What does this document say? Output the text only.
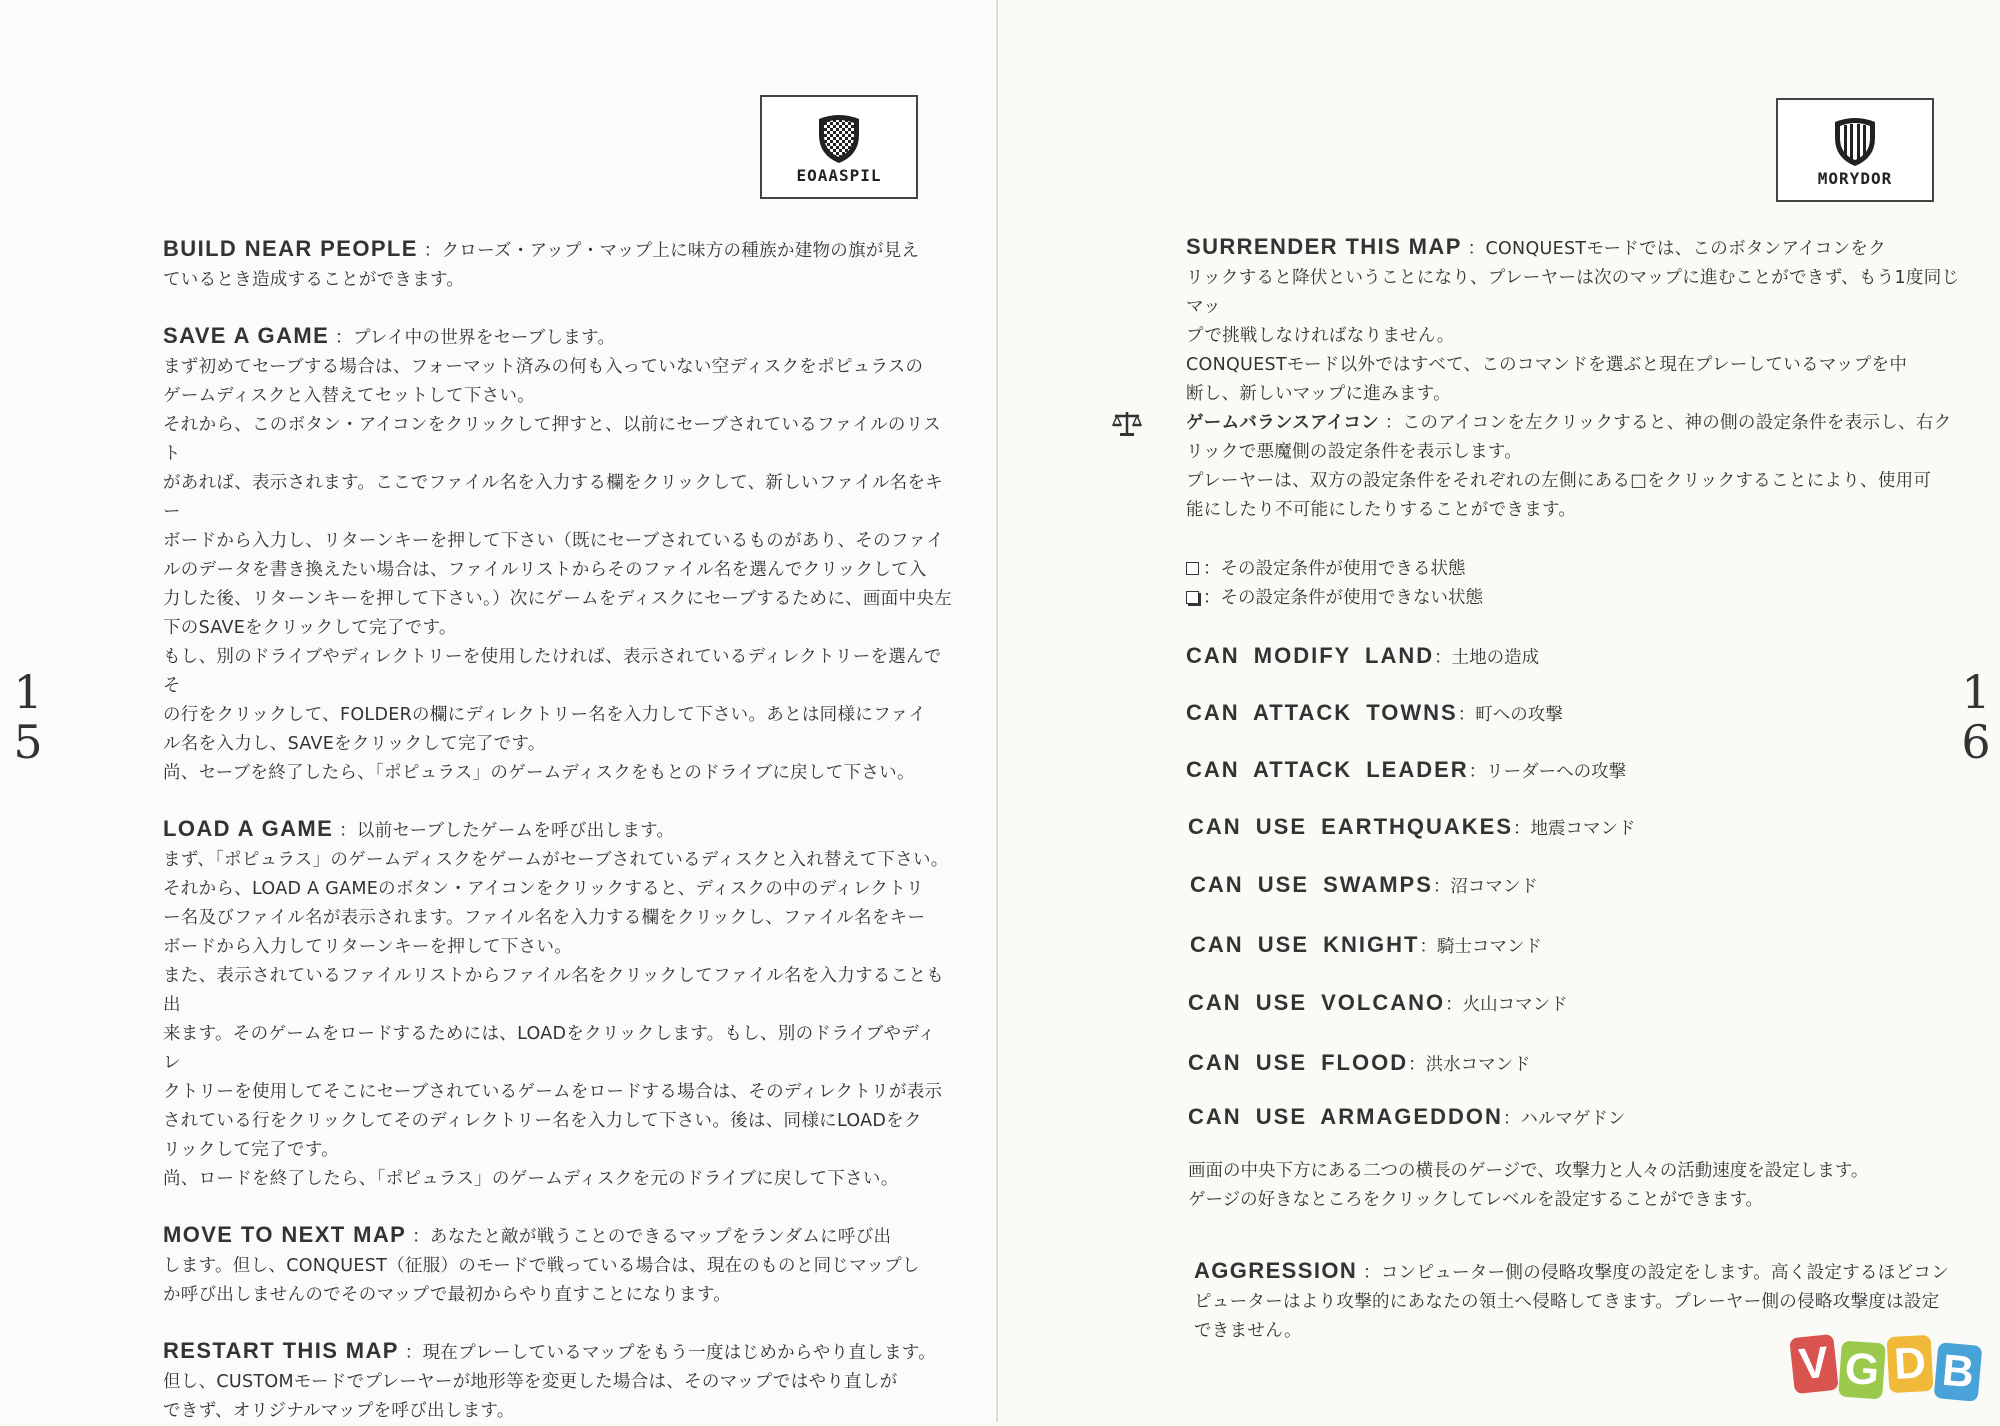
1
5
EOAASPIL

BUILD NEAR PEOPLE ：クローズ・アップ・マップ上に味方の種族か建物の旗が見え

ているとき造成することができます。

SAVE A GAME ：プレイ中の世界をセーブします。

まず初めてセーブする場合は、フォーマット済みの何も入っていない空ディスクをポピュラスの

ゲームディスクと入替えてセットして下さい。

それから、このボタン・アイコンをクリックして押すと、以前にセーブされているファイルのリスト

があれば、表示されます。ここでファイル名を入力する欄をクリックして、新しいファイル名をキー

ボードから入力し、リターンキーを押して下さい（既にセーブされているものがあり、そのファイ

ルのデータを書き換えたい場合は、ファイルリストからそのファイル名を選んでクリックして入

力した後、リターンキーを押して下さい。）次にゲームをディスクにセーブするために、画面中央左

下のSAVEをクリックして完了です。

もし、別のドライブやディレクトリーを使用したければ、表示されているディレクトリーを選んでそ

の行をクリックして、FOLDERの欄にディレクトリー名を入力して下さい。あとは同様にファイ

ル名を入力し、SAVEをクリックして完了です。

尚、セーブを終了したら、「ポピュラス」のゲームディスクをもとのドライブに戻して下さい。

LOAD A GAME ：以前セーブしたゲームを呼び出します。

まず、「ポピュラス」のゲームディスクをゲームがセーブされているディスクと入れ替えて下さい。

それから、LOAD A GAMEのボタン・アイコンをクリックすると、ディスクの中のディレクトリ

ー名及びファイル名が表示されます。ファイル名を入力する欄をクリックし、ファイル名をキー

ボードから入力してリターンキーを押して下さい。

また、表示されているファイルリストからファイル名をクリックしてファイル名を入力することも出

来ます。そのゲームをロードするためには、LOADをクリックします。もし、別のドライブやディレ

クトリーを使用してそこにセーブされているゲームをロードする場合は、そのディレクトリが表示

されている行をクリックしてそのディレクトリー名を入力して下さい。後は、同様にLOADをク

リックして完了です。

尚、ロードを終了したら、「ポピュラス」のゲームディスクを元のドライブに戻して下さい。

MOVE TO NEXT MAP ：あなたと敵が戦うことのできるマップをランダムに呼び出

します。但し、CONQUEST（征服）のモードで戦っている場合は、現在のものと同じマップし

か呼び出しませんのでそのマップで最初からやり直すことになります。

RESTART THIS MAP ：現在プレーしているマップをもう一度はじめからやり直します。

但し、CUSTOMモードでプレーヤーが地形等を変更した場合は、そのマップではやり直しが

できず、オリジナルマップを呼び出します。

1
6
MORYDOR

SURRENDER THIS MAP ：CONQUESTモードでは、このボタンアイコンをク

リックすると降伏ということになり、プレーヤーは次のマップに進むことができず、もう1度同じマッ

プで挑戦しなければなりません。

CONQUESTモード以外ではすべて、このコマンドを選ぶと現在プレーしているマップを中

断し、新しいマップに進みます。

ゲームバランスアイコン ：このアイコンを左クリックすると、神の側の設定条件を表示し、右ク

リックで悪魔側の設定条件を表示します。

プレーヤーは、双方の設定条件をそれぞれの左側にある□をクリックすることにより、使用可

能にしたり不可能にしたりすることができます。

：その設定条件が使用できる状態

：その設定条件が使用できない状態

CAN MODIFY LAND：土地の造成
CAN ATTACK TOWNS：町への攻撃
CAN ATTACK LEADER：リーダーへの攻撃
CAN USE EARTHQUAKES：地震コマンド
CAN USE SWAMPS：沼コマンド
CAN USE KNIGHT：騎士コマンド
CAN USE VOLCANO：火山コマンド
CAN USE FLOOD：洪水コマンド
CAN USE ARMAGEDDON：ハルマゲドン

画面の中央下方にある二つの横長のゲージで、攻撃力と人々の活動速度を設定します。

ゲージの好きなところをクリックしてレベルを設定することができます。

AGGRESSION ：コンピューター側の侵略攻撃度の設定をします。高く設定するほどコン

ピューターはより攻撃的にあなたの領土へ侵略してきます。プレーヤー側の侵略攻撃度は設定

できません。

V G D B
